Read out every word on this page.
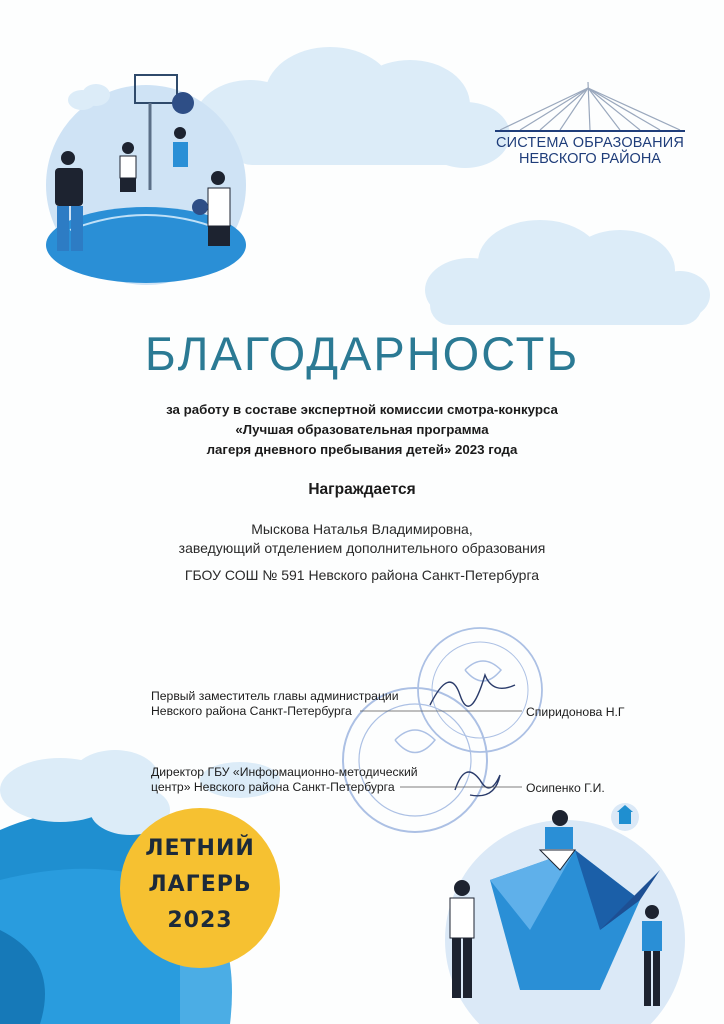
СИСТЕМА ОБРАЗОВАНИЯ
НЕВСКОГО РАЙОНА
БЛАГОДАРНОСТЬ
за работу в составе экспертной комиссии смотра-конкурса
«Лучшая образовательная программа
лагеря дневного пребывания детей» 2023 года
Награждается
Мыскова Наталья Владимировна,
заведующий отделением дополнительного образования
ГБОУ СОШ № 591 Невского района Санкт-Петербурга
Первый заместитель главы администрации
Невского района Санкт-Петербурга	Спиридонова Н.Г
Директор ГБУ «Информационно-методический
центр» Невского района Санкт-Петербурга	Осипенко Г.И.
ЛЕТНИЙ
ЛАГЕРЬ
2023
